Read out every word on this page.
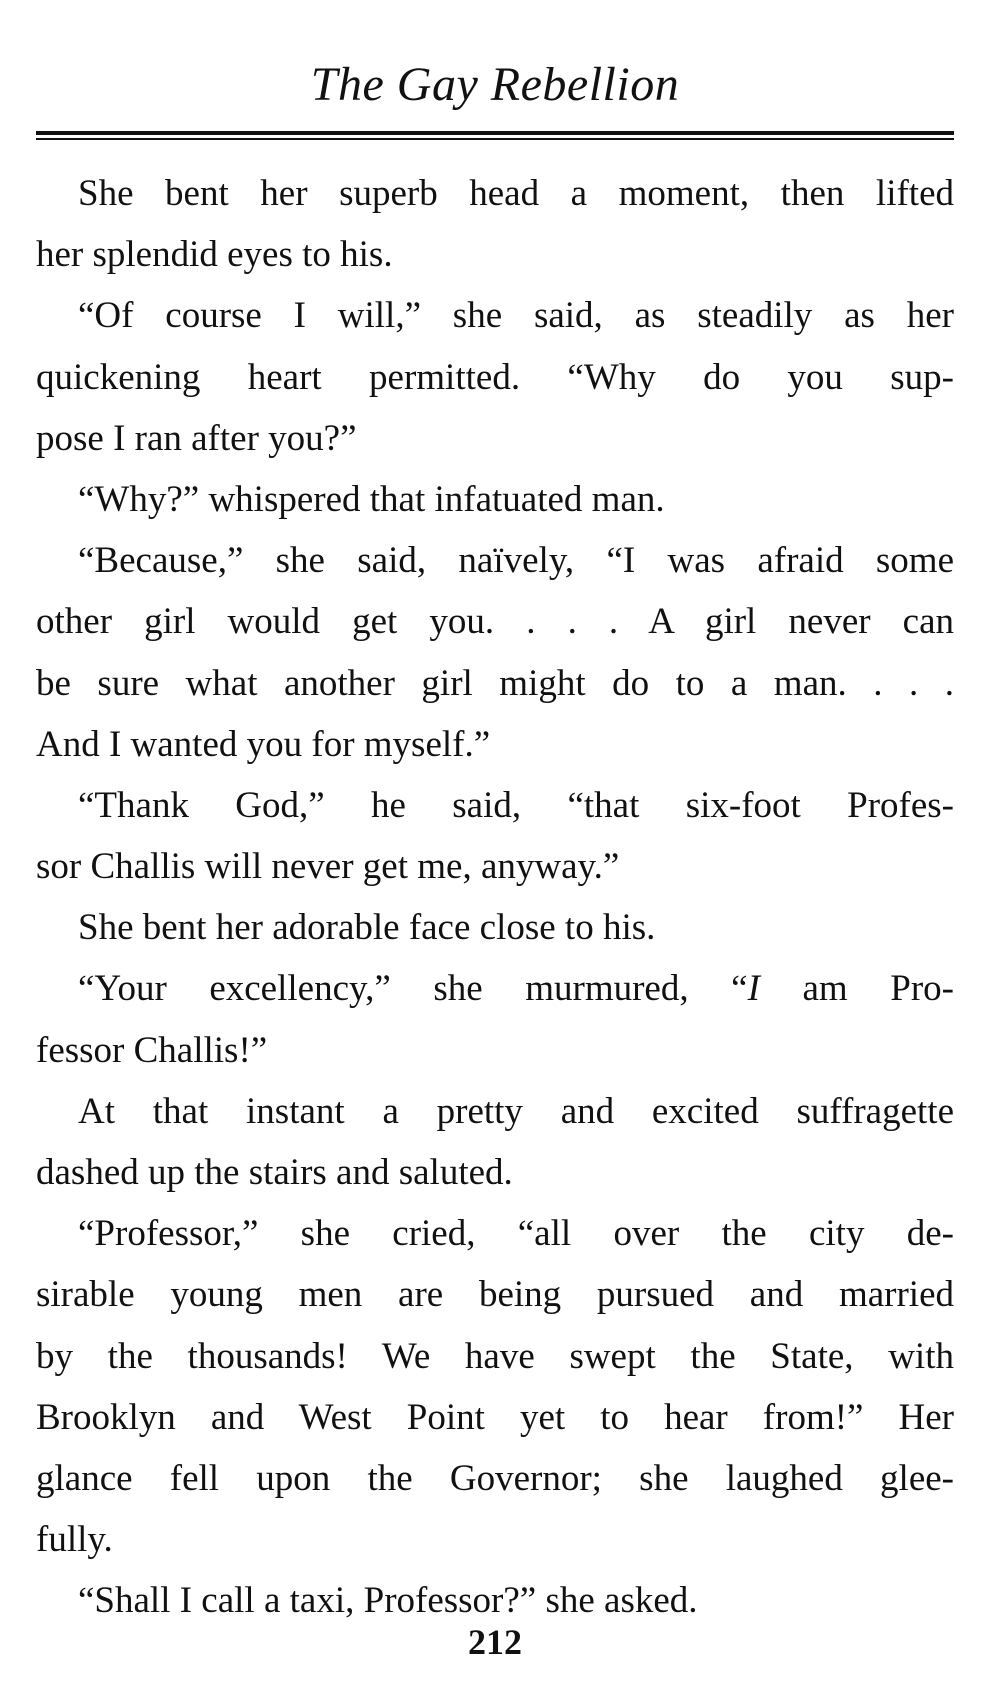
The Gay Rebellion
She bent her superb head a moment, then lifted
her splendid eyes to his.
“Of course I will,” she said, as steadily as her
quickening heart permitted. “Why do you sup-
pose I ran after you?”
“Why?” whispered that infatuated man.
“Because,” she said, naïvely, “I was afraid some
other girl would get you. . . . A girl never can
be sure what another girl might do to a man. . . .
And I wanted you for myself.”
“Thank God,” he said, “that six-foot Profes-
sor Challis will never get me, anyway.”
She bent her adorable face close to his.
“Your excellency,” she murmured, “I am Pro-
fessor Challis!”
At that instant a pretty and excited suffragette
dashed up the stairs and saluted.
“Professor,” she cried, “all over the city de-
sirable young men are being pursued and married
by the thousands! We have swept the State, with
Brooklyn and West Point yet to hear from!” Her
glance fell upon the Governor; she laughed glee-
fully.
“Shall I call a taxi, Professor?” she asked.
212
